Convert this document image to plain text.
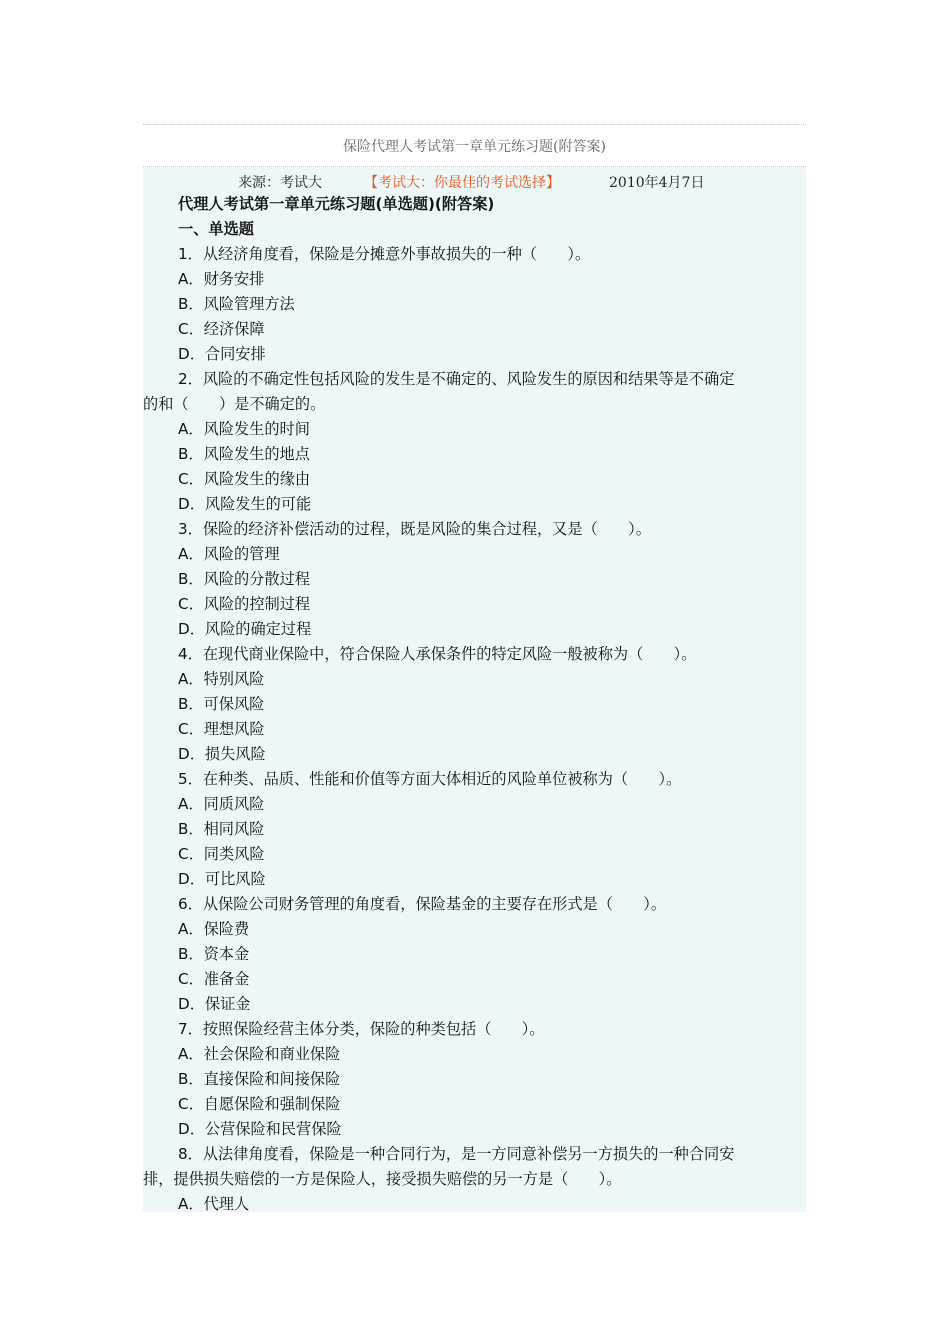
保险代理人考试第一章单元练习题(附答案)
来源：考试大	【考试大：你最佳的考试选择】	2010年4月7日
代理人考试第一章单元练习题(单选题)(附答案)
一、单选题
1．从经济角度看，保险是分摊意外事故损失的一种（　　）。
A．财务安排
B．风险管理方法
C．经济保障
D．合同安排
2．风险的不确定性包括风险的发生是不确定的、风险发生的原因和结果等是不确定
的和（　　）是不确定的。
A．风险发生的时间
B．风险发生的地点
C．风险发生的缘由
D．风险发生的可能
3．保险的经济补偿活动的过程，既是风险的集合过程，又是（　　）。
A．风险的管理
B．风险的分散过程
C．风险的控制过程
D．风险的确定过程
4．在现代商业保险中，符合保险人承保条件的特定风险一般被称为（　　）。
A．特别风险
B．可保风险
C．理想风险
D．损失风险
5．在种类、品质、性能和价值等方面大体相近的风险单位被称为（　　）。
A．同质风险
B．相同风险
C．同类风险
D．可比风险
6．从保险公司财务管理的角度看，保险基金的主要存在形式是（　　）。
A．保险费
B．资本金
C．准备金
D．保证金
7．按照保险经营主体分类，保险的种类包括（　　）。
A．社会保险和商业保险
B．直接保险和间接保险
C．自愿保险和强制保险
D．公营保险和民营保险
8．从法律角度看，保险是一种合同行为，是一方同意补偿另一方损失的一种合同安
排，提供损失赔偿的一方是保险人，接受损失赔偿的另一方是（　　）。
A．代理人
